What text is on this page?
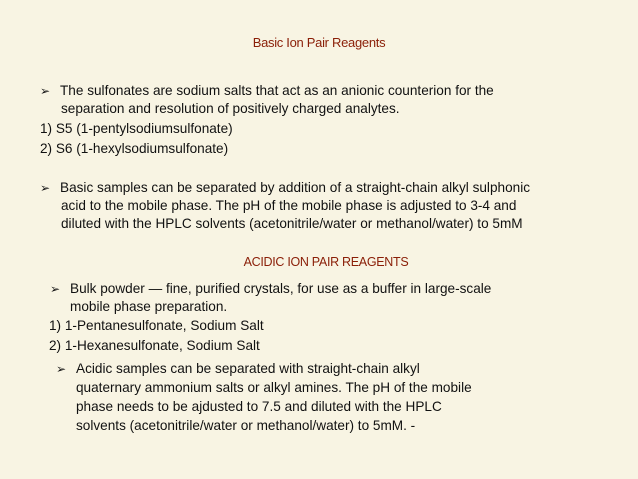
Basic Ion Pair Reagents
➢ The sulfonates are sodium salts that act as an anionic counterion for the
separation and resolution of positively charged analytes.
1) S5 (1-pentylsodiumsulfonate)
2) S6 (1-hexylsodiumsulfonate)
➢ Basic samples can be separated by addition of a straight-chain alkyl sulphonic
acid to the mobile phase. The pH of the mobile phase is adjusted to 3-4 and
diluted with the HPLC solvents (acetonitrile/water or methanol/water) to 5mM
ACIDIC ION PAIR REAGENTS
➢ Bulk powder — fine, purified crystals, for use as a buffer in large-scale
mobile phase preparation.
1) 1-Pentanesulfonate, Sodium Salt
2) 1-Hexanesulfonate, Sodium Salt
➢ Acidic samples can be separated with straight-chain alkyl
quaternary ammonium salts or alkyl amines. The pH of the mobile
phase needs to be ajdusted to 7.5 and diluted with the HPLC
solvents (acetonitrile/water or methanol/water) to 5mM. -
